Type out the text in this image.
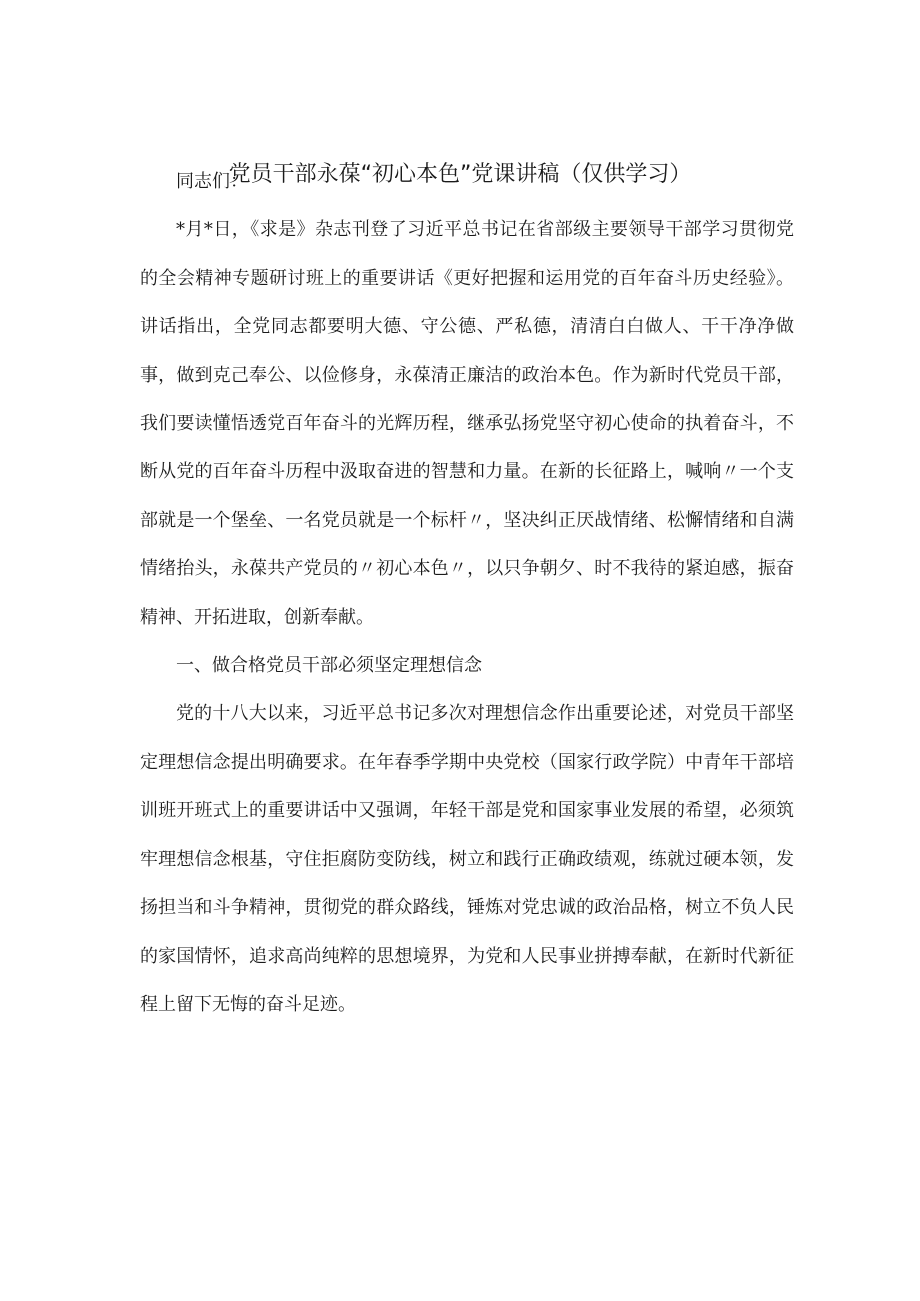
党员干部永葆“初心本色”党课讲稿（仅供学习）

同志们：

*月*日，《求是》杂志刊登了习近平总书记在省部级主要领导干部学习贯彻党的全会精神专题研讨班上的重要讲话《更好把握和运用党的百年奋斗历史经验》。讲话指出，全党同志都要明大德、守公德、严私德，清清白白做人、干干净净做事，做到克己奉公、以俭修身，永葆清正廉洁的政治本色。作为新时代党员干部，我们要读懂悟透党百年奋斗的光辉历程，继承弘扬党坚守初心使命的执着奋斗，不断从党的百年奋斗历程中汲取奋进的智慧和力量。在新的长征路上，喊响〃一个支部就是一个堡垒、一名党员就是一个标杆〃，坚决纠正厌战情绪、松懈情绪和自满情绪抬头，永葆共产党员的〃初心本色〃，以只争朝夕、时不我待的紧迫感，振奋精神、开拓进取，创新奉献。

一、做合格党员干部必须坚定理想信念

党的十八大以来，习近平总书记多次对理想信念作出重要论述，对党员干部坚定理想信念提出明确要求。在年春季学期中央党校（国家行政学院）中青年干部培训班开班式上的重要讲话中又强调，年轻干部是党和国家事业发展的希望，必须筑牢理想信念根基，守住拒腐防变防线，树立和践行正确政绩观，练就过硬本领，发扬担当和斗争精神，贯彻党的群众路线，锤炼对党忠诚的政治品格，树立不负人民的家国情怀，追求高尚纯粹的思想境界，为党和人民事业拼搏奉献，在新时代新征程上留下无悔的奋斗足迹。
